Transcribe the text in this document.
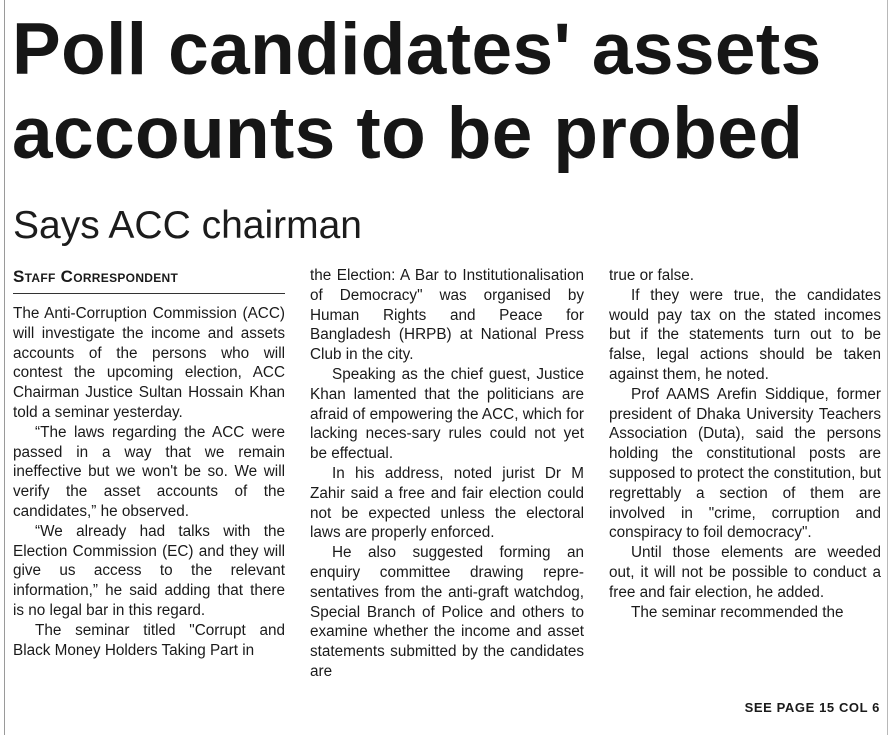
Poll candidates' assets
accounts to be probed
Says ACC chairman
Staff Correspondent

The Anti-Corruption Commission (ACC) will investigate the income and assets accounts of the persons who will contest the upcoming election, ACC Chairman Justice Sultan Hossain Khan told a seminar yesterday.

“The laws regarding the ACC were passed in a way that we remain ineffective but we won't be so. We will verify the asset accounts of the candidates,” he observed.

“We already had talks with the Election Commission (EC) and they will give us access to the relevant information,” he said adding that there is no legal bar in this regard.

The seminar titled "Corrupt and Black Money Holders Taking Part in

the Election: A Bar to Institutionalisation of Democracy" was organised by Human Rights and Peace for Bangladesh (HRPB) at National Press Club in the city.

Speaking as the chief guest, Justice Khan lamented that the politicians are afraid of empowering the ACC, which for lacking neces-sary rules could not yet be effectual.

In his address, noted jurist Dr M Zahir said a free and fair election could not be expected unless the electoral laws are properly enforced.

He also suggested forming an enquiry committee drawing repre-sentatives from the anti-graft watchdog, Special Branch of Police and others to examine whether the income and asset statements submitted by the candidates are

true or false.

If they were true, the candidates would pay tax on the stated incomes but if the statements turn out to be false, legal actions should be taken against them, he noted.

Prof AAMS Arefin Siddique, former president of Dhaka University Teachers Association (Duta), said the persons holding the constitutional posts are supposed to protect the constitution, but regrettably a section of them are involved in "crime, corruption and conspiracy to foil democracy".

Until those elements are weeded out, it will not be possible to conduct a free and fair election, he added.

The seminar recommended the

SEE PAGE 15 COL 6
